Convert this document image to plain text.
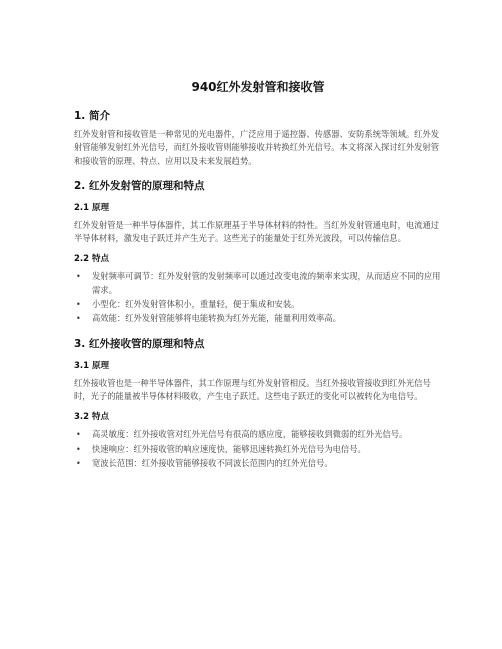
940红外发射管和接收管
1. 简介

红外发射管和接收管是一种常见的光电器件，广泛应用于遥控器、传感器、安防系统等领域。红外发射管能够发射红外光信号，而红外接收管则能够接收并转换红外光信号。本文将深入探讨红外发射管和接收管的原理、特点、应用以及未来发展趋势。

2. 红外发射管的原理和特点
2.1 原理

红外发射管是一种半导体器件，其工作原理基于半导体材料的特性。当红外发射管通电时，电流通过半导体材料，激发电子跃迁并产生光子。这些光子的能量处于红外光波段，可以传输信息。

2.2 特点
• 发射频率可调节：红外发射管的发射频率可以通过改变电流的频率来实现，从而适应不同的应用需求。
• 小型化：红外发射管体积小，重量轻，便于集成和安装。
• 高效能：红外发射管能够将电能转换为红外光能，能量利用效率高。
3. 红外接收管的原理和特点
3.1 原理

红外接收管也是一种半导体器件，其工作原理与红外发射管相反。当红外接收管接收到红外光信号时，光子的能量被半导体材料吸收，产生电子跃迁。这些电子跃迁的变化可以被转化为电信号。

3.2 特点
• 高灵敏度：红外接收管对红外光信号有很高的感应度，能够接收到微弱的红外光信号。
• 快速响应：红外接收管的响应速度快，能够迅速转换红外光信号为电信号。
• 宽波长范围：红外接收管能够接收不同波长范围内的红外光信号。
